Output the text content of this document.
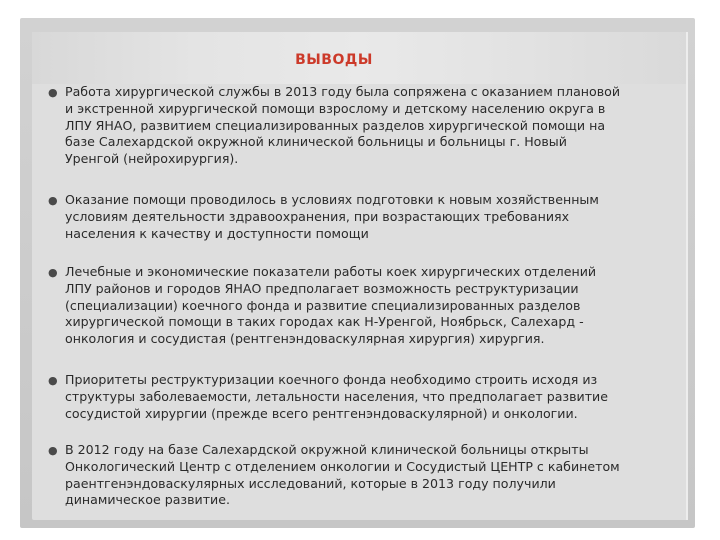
ВЫВОДЫ
● Работа хирургической службы в 2013 году была сопряжена с оказанием плановой
и экстренной хирургической помощи взрослому и детскому населению округа в
ЛПУ ЯНАО, развитием специализированных разделов хирургической помощи на
базе Салехардской окружной клинической больницы и больницы г. Новый
Уренгой (нейрохирургия).

● Оказание помощи проводилось в условиях подготовки к новым хозяйственным
условиям деятельности здравоохранения, при возрастающих требованиях
населения к качеству и доступности помощи

● Лечебные и экономические показатели работы коек хирургических отделений
ЛПУ районов и городов ЯНАО предполагает возможность реструктуризации
(специализации) коечного фонда и развитие специализированных разделов
хирургической помощи в таких городах как Н-Уренгой, Ноябрьск, Салехард -
онкология и сосудистая (рентгенэндоваскулярная хирургия) хирургия.

● Приоритеты реструктуризации коечного фонда необходимо строить исходя из
структуры заболеваемости, летальности населения, что предполагает развитие
сосудистой хирургии (прежде всего рентгенэндоваскулярной) и онкологии.

● В 2012 году на базе Салехардской окружной клинической больницы открыты
Онкологический Центр с отделением онкологии и Сосудистый ЦЕНТР с кабинетом
раентгенэндоваскулярных исследований, которые в 2013 году получили
динамическое развитие.
